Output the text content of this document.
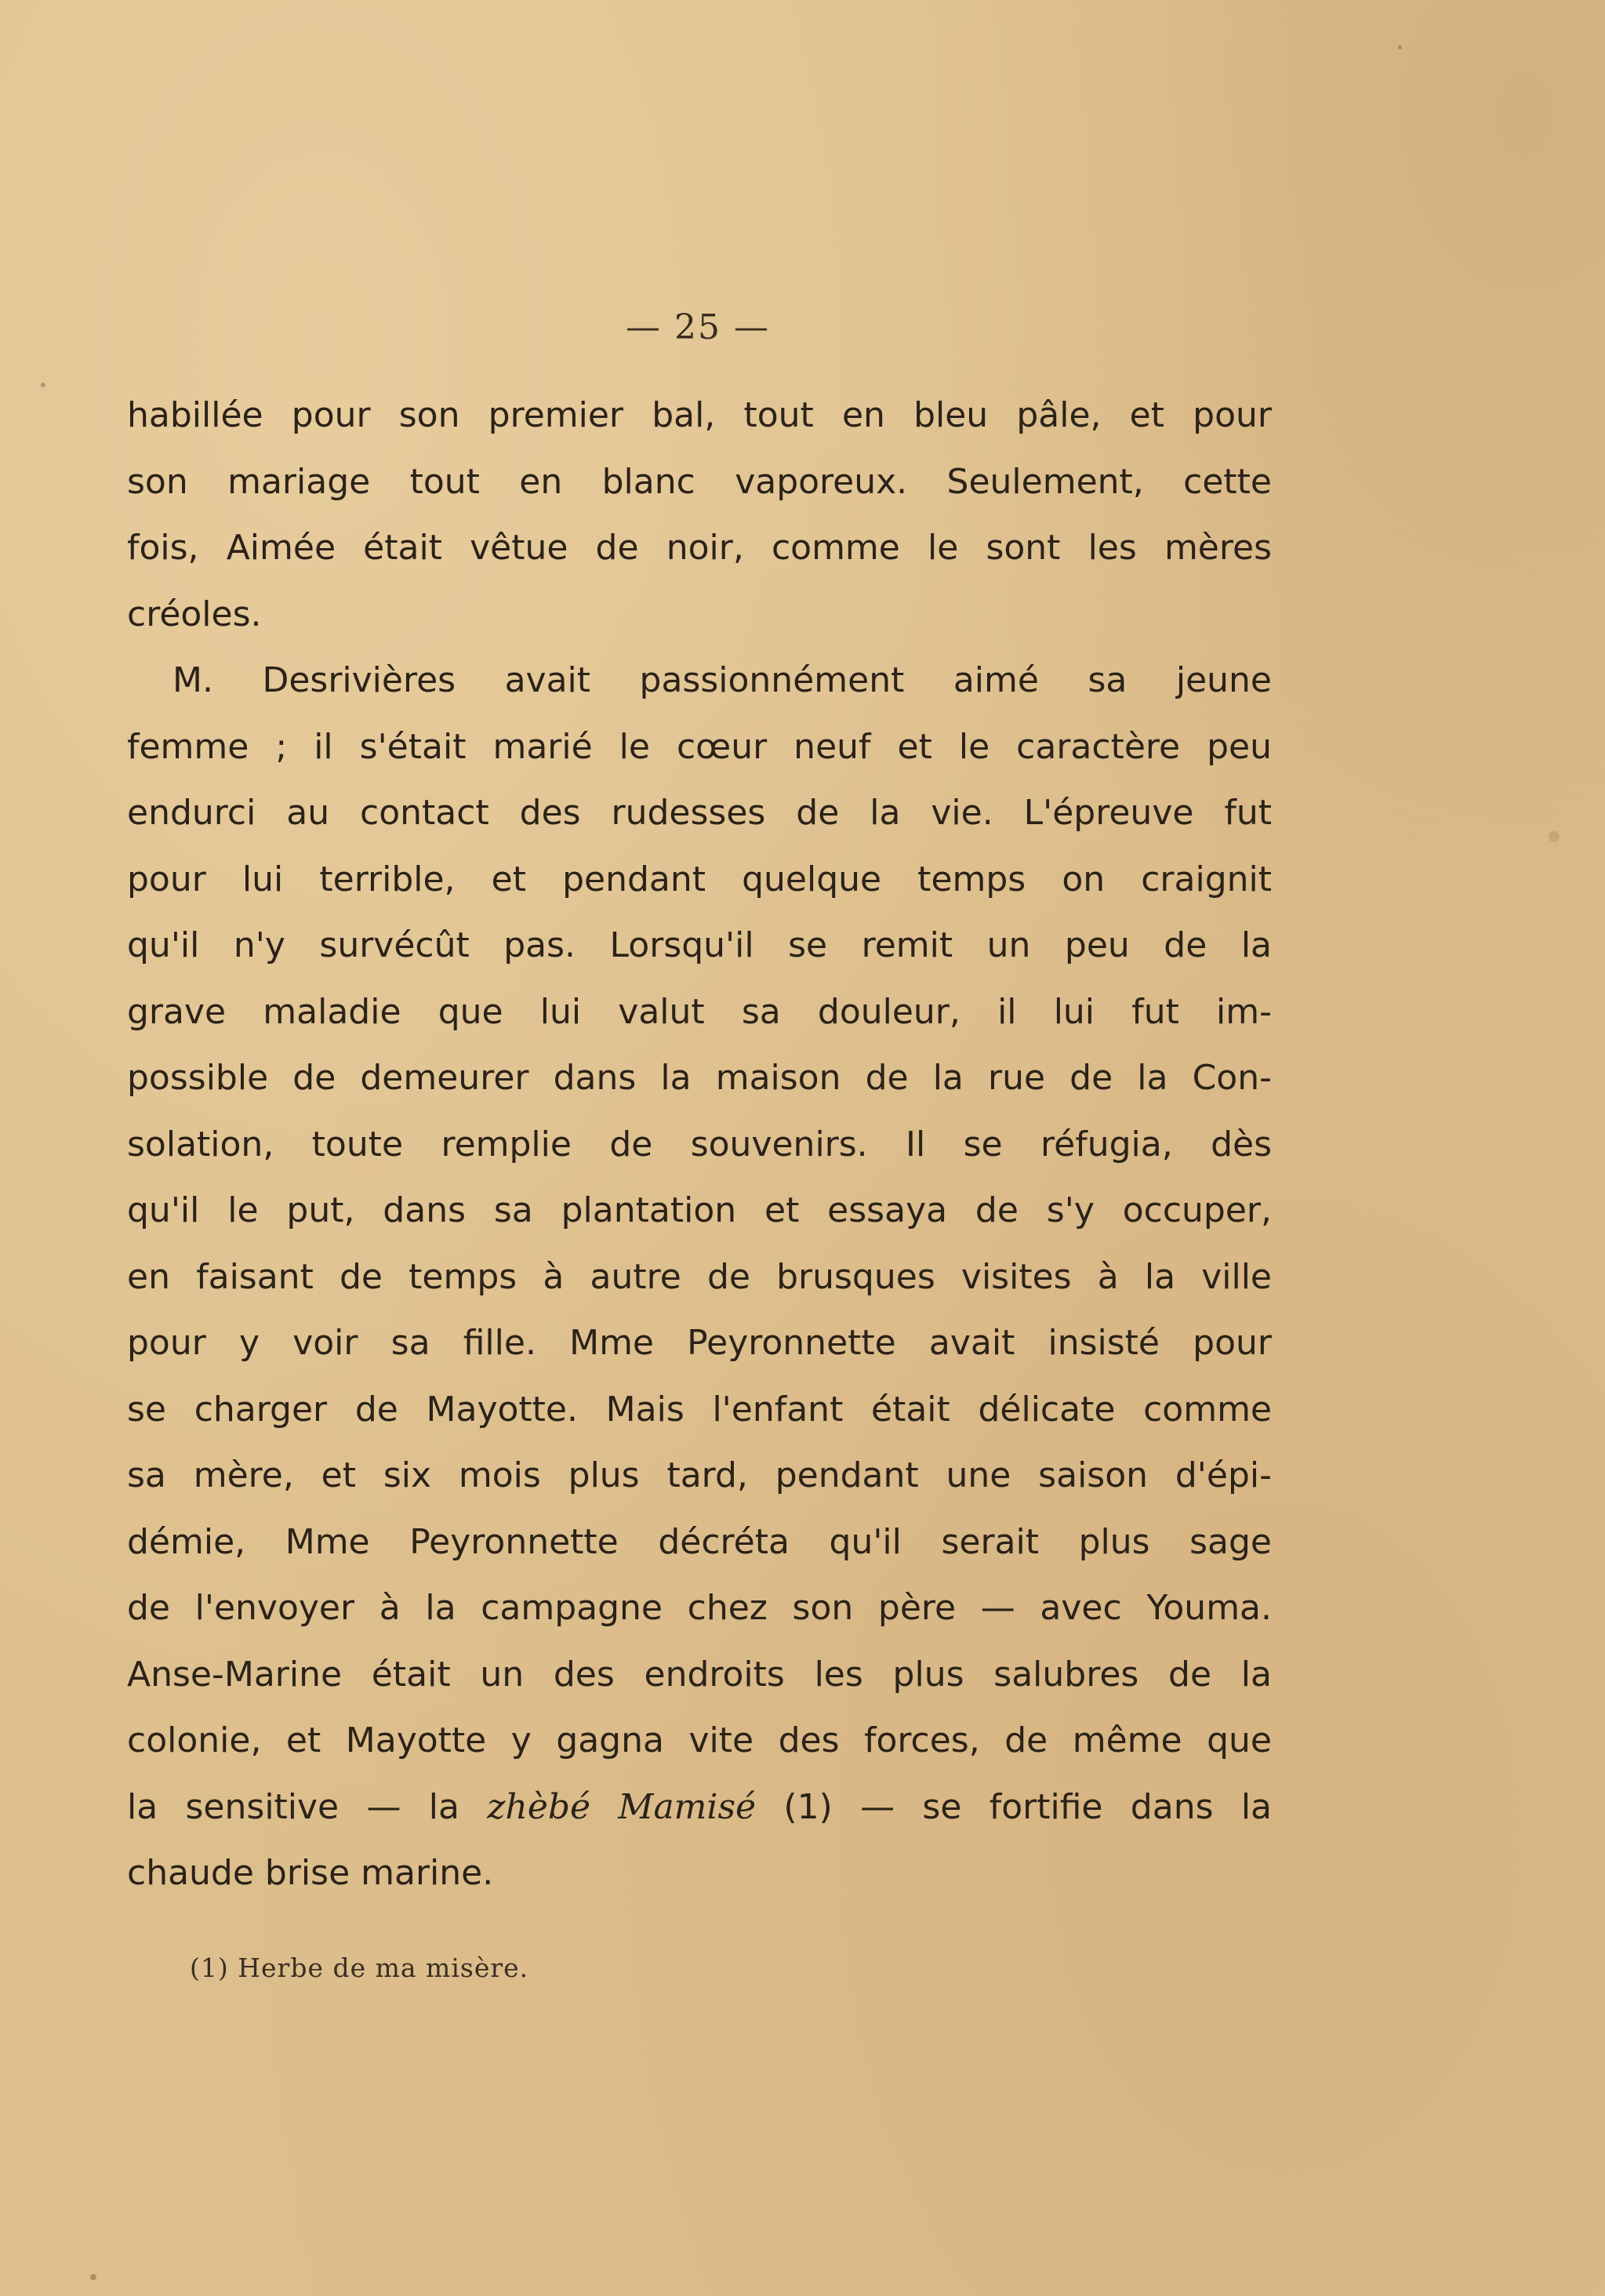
— 25 —

habillée pour son premier bal, tout en bleu pâle, et pour
son mariage tout en blanc vaporeux. Seulement, cette
fois, Aimée était vêtue de noir, comme le sont les mères
créoles.

M. Desrivières avait passionnément aimé sa jeune
femme ; il s'était marié le cœur neuf et le caractère peu
endurci au contact des rudesses de la vie. L'épreuve fut
pour lui terrible, et pendant quelque temps on craignit
qu'il n'y survécût pas. Lorsqu'il se remit un peu de la
grave maladie que lui valut sa douleur, il lui fut im-
possible de demeurer dans la maison de la rue de la Con-
solation, toute remplie de souvenirs. Il se réfugia, dès
qu'il le put, dans sa plantation et essaya de s'y occuper,
en faisant de temps à autre de brusques visites à la ville
pour y voir sa fille. Mme Peyronnette avait insisté pour
se charger de Mayotte. Mais l'enfant était délicate comme
sa mère, et six mois plus tard, pendant une saison d'épi-
démie, Mme Peyronnette décréta qu'il serait plus sage
de l'envoyer à la campagne chez son père — avec Youma.
Anse-Marine était un des endroits les plus salubres de la
colonie, et Mayotte y gagna vite des forces, de même que
la sensitive — la zhèbé Mamisé (1) — se fortifie dans la
chaude brise marine.

(1) Herbe de ma misère.
